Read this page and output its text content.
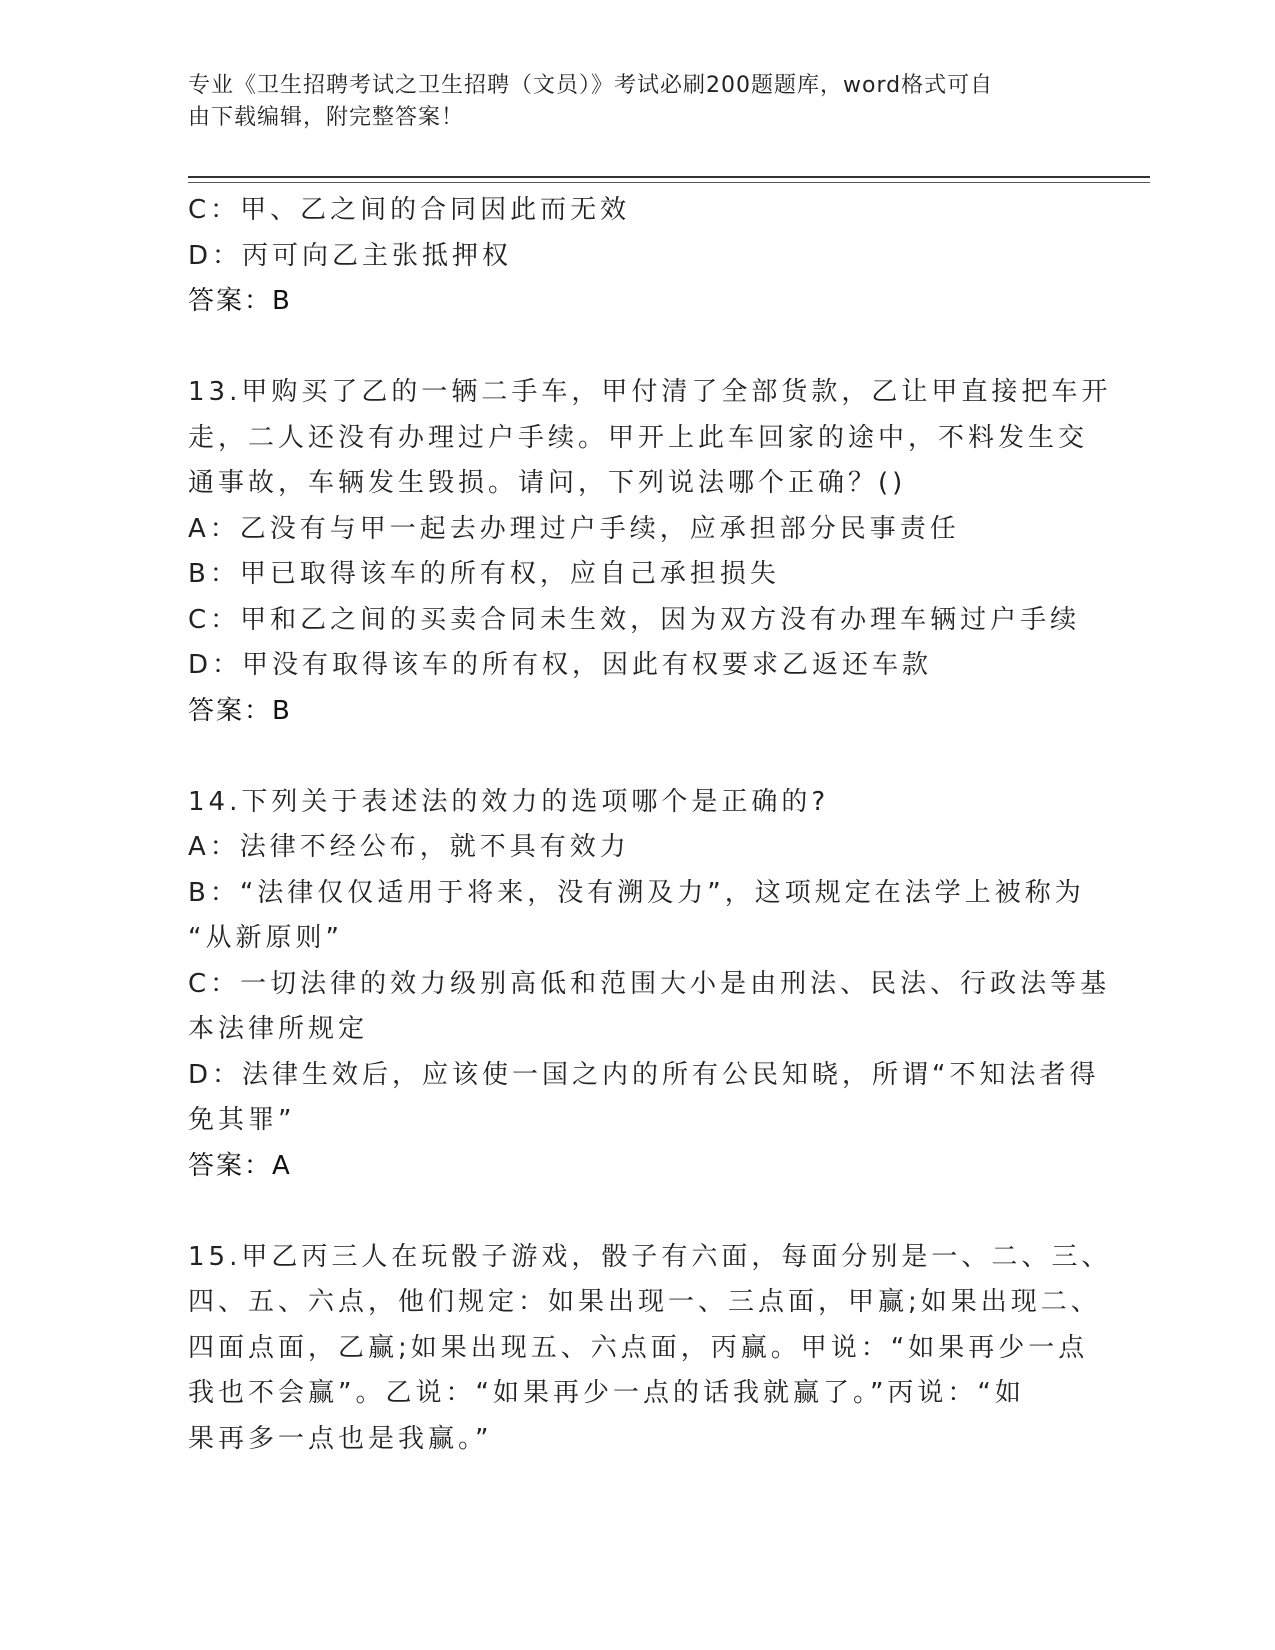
专业《卫生招聘考试之卫生招聘（文员）》考试必刷200题题库，word格式可自
由下载编辑，附完整答案！
C：甲、乙之间的合同因此而无效
D：丙可向乙主张抵押权
答案：B
13.甲购买了乙的一辆二手车，甲付清了全部货款，乙让甲直接把车开
走，二人还没有办理过户手续。甲开上此车回家的途中，不料发生交
通事故，车辆发生毁损。请问，下列说法哪个正确？()
A：乙没有与甲一起去办理过户手续，应承担部分民事责任
B：甲已取得该车的所有权，应自己承担损失
C：甲和乙之间的买卖合同未生效，因为双方没有办理车辆过户手续
D：甲没有取得该车的所有权，因此有权要求乙返还车款
答案：B
14.下列关于表述法的效力的选项哪个是正确的?
A：法律不经公布，就不具有效力
B：“法律仅仅适用于将来，没有溯及力”，这项规定在法学上被称为
“从新原则”
C：一切法律的效力级别高低和范围大小是由刑法、民法、行政法等基
本法律所规定
D：法律生效后，应该使一国之内的所有公民知晓，所谓“不知法者得
免其罪”
答案：A
15.甲乙丙三人在玩骰子游戏，骰子有六面，每面分别是一、二、三、
四、五、六点，他们规定：如果出现一、三点面，甲赢;如果出现二、
四面点面，乙赢;如果出现五、六点面，丙赢。甲说：“如果再少一点
我也不会赢”。乙说：“如果再少一点的话我就赢了。”丙说：“如
果再多一点也是我赢。”
